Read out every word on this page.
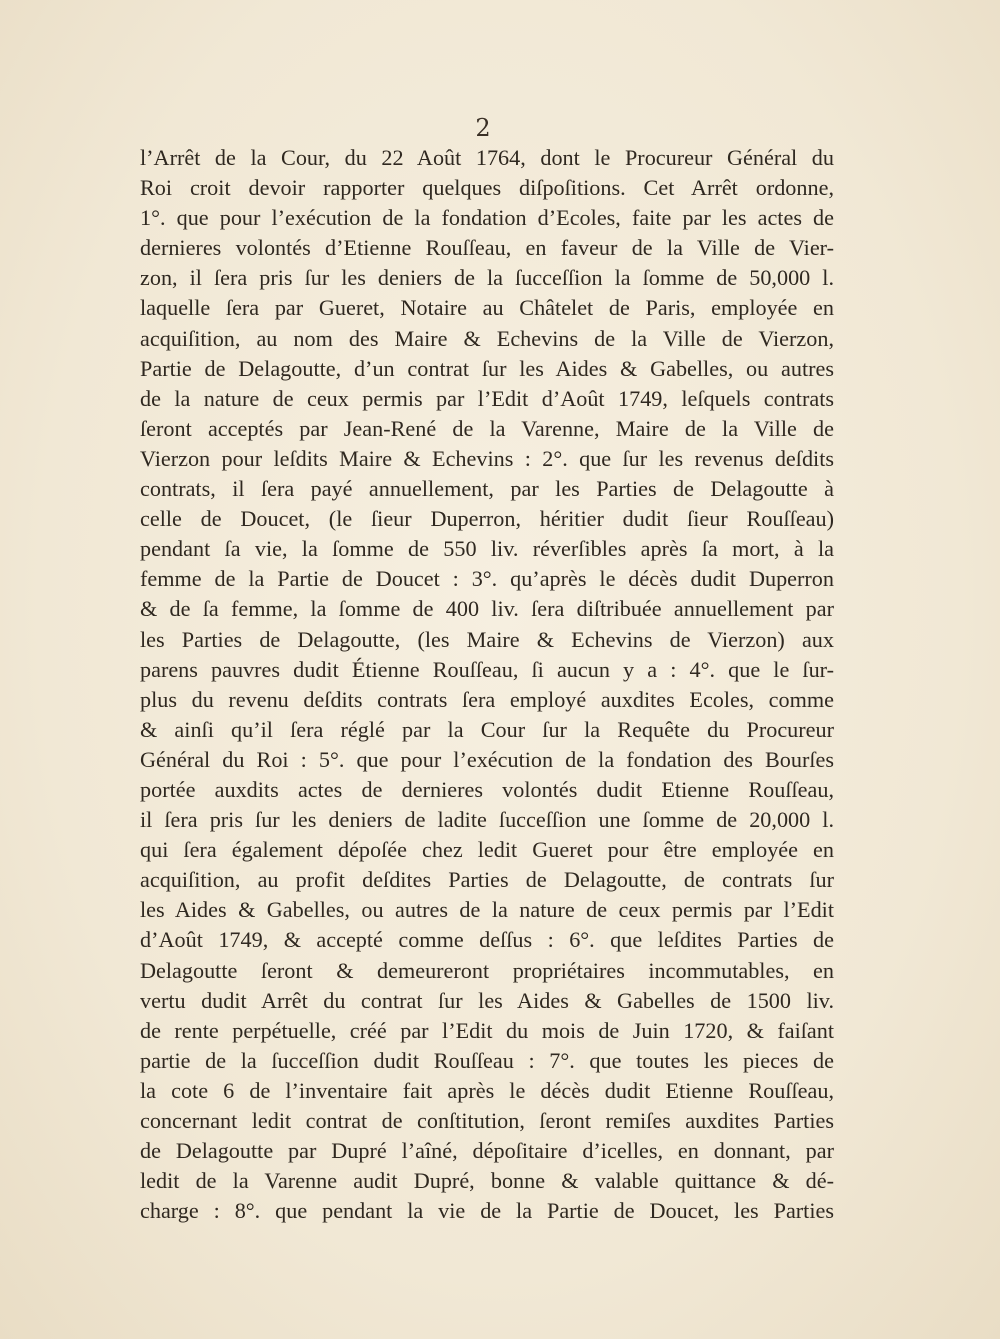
2
l’Arrêt de la Cour, du 22 Août 1764, dont le Procureur Général du
Roi croit devoir rapporter quelques diſpoſitions. Cet Arrêt ordonne,
1°. que pour l’exécution de la fondation d’Ecoles, faite par les actes de
dernieres volontés d’Etienne Rouſſeau, en faveur de la Ville de Vier-
zon, il ſera pris ſur les deniers de la ſucceſſion la ſomme de 50,000 l.
laquelle ſera par Gueret, Notaire au Châtelet de Paris, employée en
acquiſition, au nom des Maire & Echevins de la Ville de Vierzon,
Partie de Delagoutte, d’un contrat ſur les Aides & Gabelles, ou autres
de la nature de ceux permis par l’Edit d’Août 1749, leſquels contrats
ſeront acceptés par Jean-René de la Varenne, Maire de la Ville de
Vierzon pour leſdits Maire & Echevins : 2°. que ſur les revenus deſdits
contrats, il ſera payé annuellement, par les Parties de Delagoutte à
celle de Doucet, (le ſieur Duperron, héritier dudit ſieur Rouſſeau)
pendant ſa vie, la ſomme de 550 liv. réverſibles après ſa mort, à la
femme de la Partie de Doucet : 3°. qu’après le décès dudit Duperron
& de ſa femme, la ſomme de 400 liv. ſera diſtribuée annuellement par
les Parties de Delagoutte, (les Maire & Echevins de Vierzon) aux
parens pauvres dudit Étienne Rouſſeau, ſi aucun y a : 4°. que le ſur-
plus du revenu deſdits contrats ſera employé auxdites Ecoles, comme
& ainſi qu’il ſera réglé par la Cour ſur la Requête du Procureur
Général du Roi : 5°. que pour l’exécution de la fondation des Bourſes
portée auxdits actes de dernieres volontés dudit Etienne Rouſſeau,
il ſera pris ſur les deniers de ladite ſucceſſion une ſomme de 20,000 l.
qui ſera également dépoſée chez ledit Gueret pour être employée en
acquiſition, au profit deſdites Parties de Delagoutte, de contrats ſur
les Aides & Gabelles, ou autres de la nature de ceux permis par l’Edit
d’Août 1749, & accepté comme deſſus : 6°. que leſdites Parties de
Delagoutte ſeront & demeureront propriétaires incommutables, en
vertu dudit Arrêt du contrat ſur les Aides & Gabelles de 1500 liv.
de rente perpétuelle, créé par l’Edit du mois de Juin 1720, & faiſant
partie de la ſucceſſion dudit Rouſſeau : 7°. que toutes les pieces de
la cote 6 de l’inventaire fait après le décès dudit Etienne Rouſſeau,
concernant ledit contrat de conſtitution, ſeront remiſes auxdites Parties
de Delagoutte par Dupré l’aîné, dépoſitaire d’icelles, en donnant, par
ledit de la Varenne audit Dupré, bonne & valable quittance & dé-
charge : 8°. que pendant la vie de la Partie de Doucet, les Parties
